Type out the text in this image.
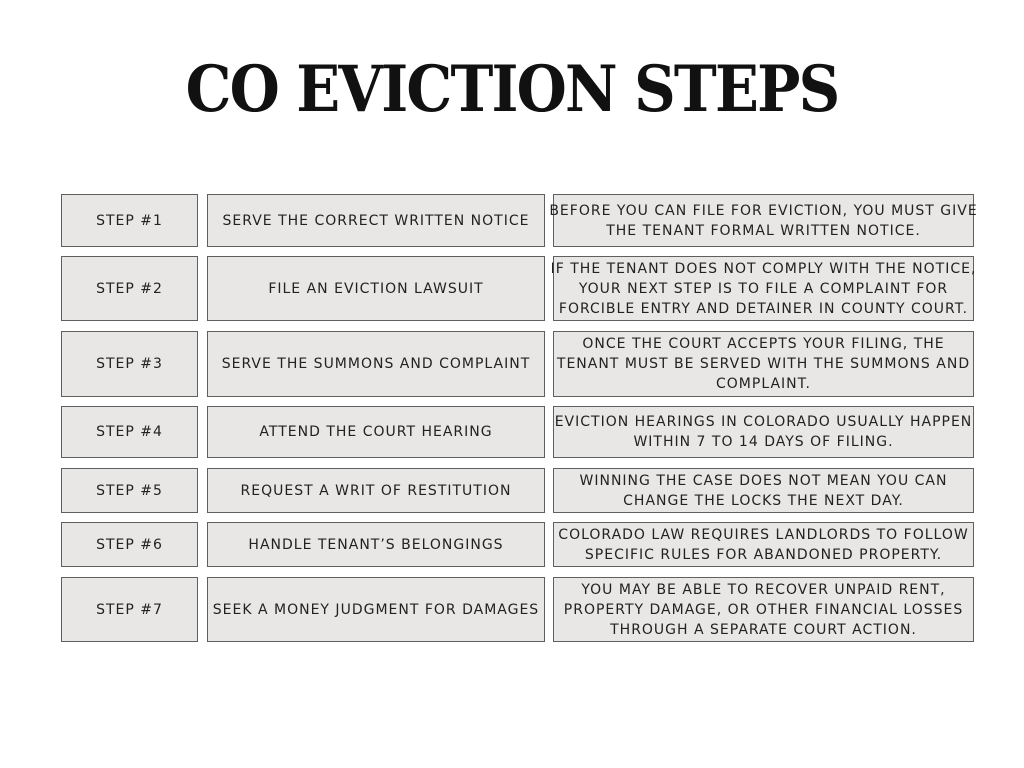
CO EVICTION STEPS
STEP #1	SERVE THE CORRECT WRITTEN NOTICE
BEFORE YOU CAN FILE FOR EVICTION, YOU MUST GIVE
THE TENANT FORMAL WRITTEN NOTICE.
STEP #2	FILE AN EVICTION LAWSUIT
IF THE TENANT DOES NOT COMPLY WITH THE NOTICE,
YOUR NEXT STEP IS TO FILE A COMPLAINT FOR
FORCIBLE ENTRY AND DETAINER IN COUNTY COURT.
STEP #3	SERVE THE SUMMONS AND COMPLAINT
ONCE THE COURT ACCEPTS YOUR FILING, THE
TENANT MUST BE SERVED WITH THE SUMMONS AND
COMPLAINT.
STEP #4	ATTEND THE COURT HEARING
EVICTION HEARINGS IN COLORADO USUALLY HAPPEN
WITHIN 7 TO 14 DAYS OF FILING.
STEP #5	REQUEST A WRIT OF RESTITUTION
WINNING THE CASE DOES NOT MEAN YOU CAN
CHANGE THE LOCKS THE NEXT DAY.
STEP #6	HANDLE TENANT’S BELONGINGS
COLORADO LAW REQUIRES LANDLORDS TO FOLLOW
SPECIFIC RULES FOR ABANDONED PROPERTY.
STEP #7	SEEK A MONEY JUDGMENT FOR DAMAGES
YOU MAY BE ABLE TO RECOVER UNPAID RENT,
PROPERTY DAMAGE, OR OTHER FINANCIAL LOSSES
THROUGH A SEPARATE COURT ACTION.
